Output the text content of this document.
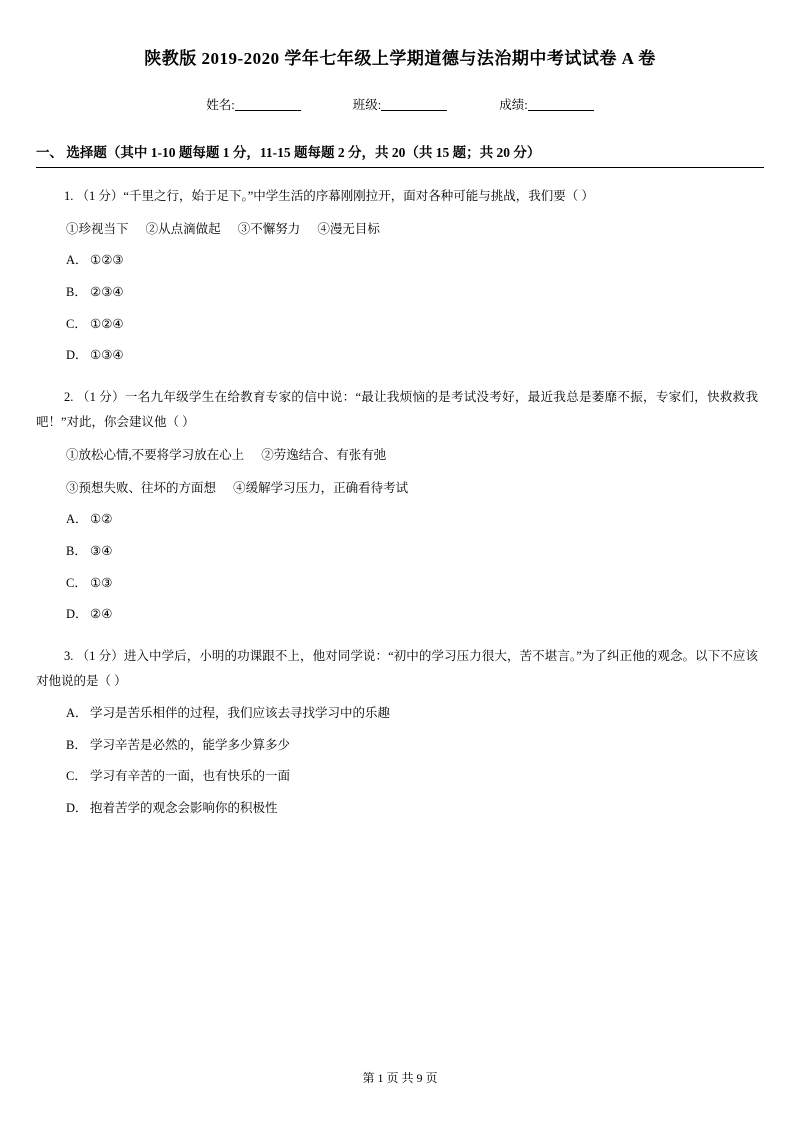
陕教版 2019-2020 学年七年级上学期道德与法治期中考试试卷 A 卷
姓名:	班级:	成绩:
一、 选择题（其中 1-10 题每题 1 分，11-15 题每题 2 分，共 20（共 15 题；共 20 分）
1. （1 分）“千里之行，始于足下。”中学生活的序幕刚刚拉开，面对各种可能与挑战，我们要（ ）
①珍视当下 ②从点滴做起 ③不懈努力 ④漫无目标
A． ①②③
B． ②③④
C． ①②④
D． ①③④
2. （1 分）一名九年级学生在给教育专家的信中说：“最让我烦恼的是考试没考好，最近我总是萎靡不振，专家们，快救救我吧！”对此，你会建议他（ ）
①放松心情,不要将学习放在心上 ②劳逸结合、有张有弛
③预想失败、往坏的方面想 ④缓解学习压力，正确看待考试
A． ①②
B． ③④
C． ①③
D． ②④
3. （1 分）进入中学后，小明的功课跟不上，他对同学说：“初中的学习压力很大，苦不堪言。”为了纠正他的观念。以下不应该对他说的是（ ）
A． 学习是苦乐相伴的过程，我们应该去寻找学习中的乐趣
B． 学习辛苦是必然的，能学多少算多少
C． 学习有辛苦的一面，也有快乐的一面
D． 抱着苦学的观念会影响你的积极性
第 1 页 共 9 页
